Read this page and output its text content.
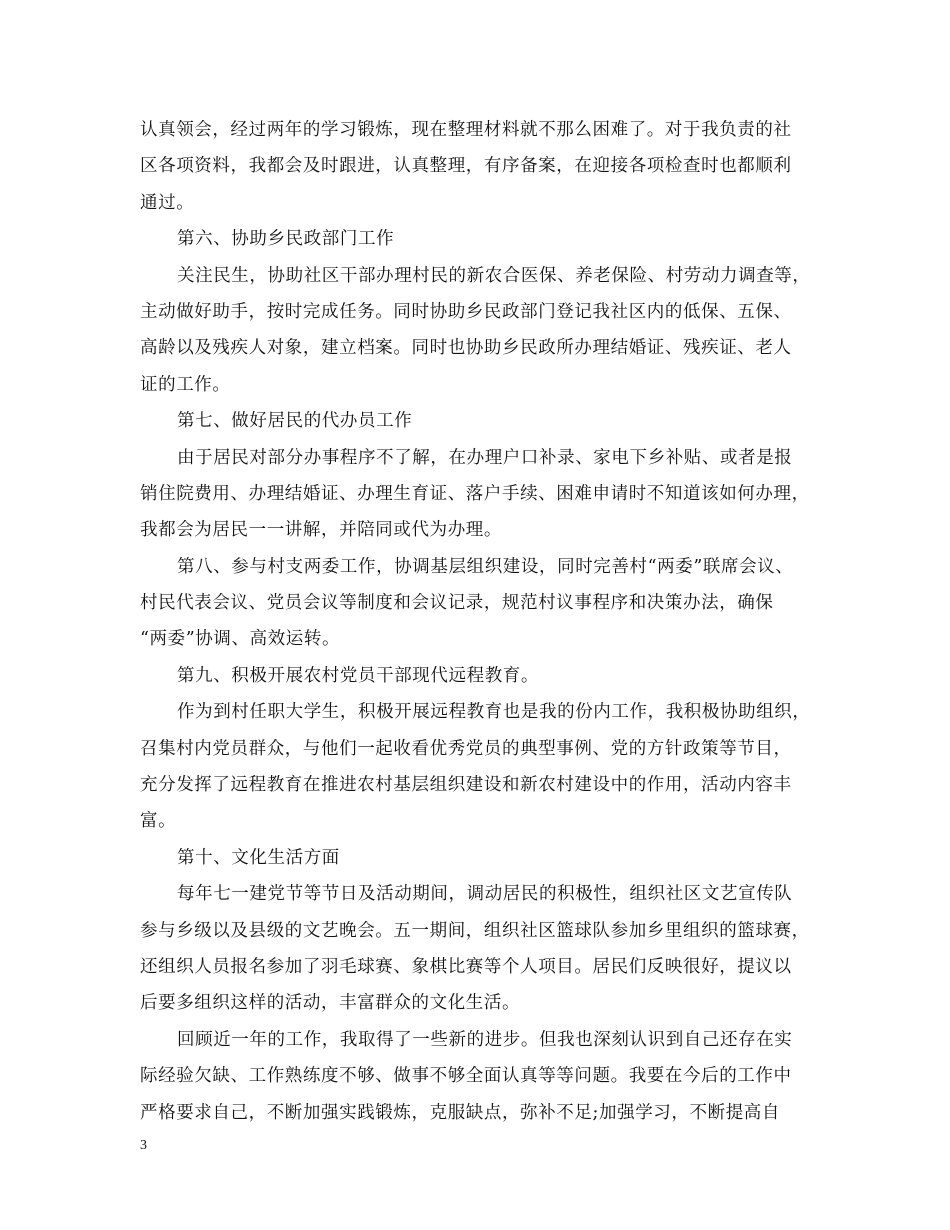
认真领会，经过两年的学习锻炼，现在整理材料就不那么困难了。对于我负责的社
区各项资料，我都会及时跟进，认真整理，有序备案，在迎接各项检查时也都顺利
通过。
第六、协助乡民政部门工作
关注民生，协助社区干部办理村民的新农合医保、养老保险、村劳动力调查等，
主动做好助手，按时完成任务。同时协助乡民政部门登记我社区内的低保、五保、
高龄以及残疾人对象，建立档案。同时也协助乡民政所办理结婚证、残疾证、老人
证的工作。
第七、做好居民的代办员工作
由于居民对部分办事程序不了解，在办理户口补录、家电下乡补贴、或者是报
销住院费用、办理结婚证、办理生育证、落户手续、困难申请时不知道该如何办理，
我都会为居民一一讲解，并陪同或代为办理。
第八、参与村支两委工作，协调基层组织建设，同时完善村“两委”联席会议、
村民代表会议、党员会议等制度和会议记录，规范村议事程序和决策办法，确保
“两委”协调、高效运转。
第九、积极开展农村党员干部现代远程教育。
作为到村任职大学生，积极开展远程教育也是我的份内工作，我积极协助组织，
召集村内党员群众，与他们一起收看优秀党员的典型事例、党的方针政策等节目，
充分发挥了远程教育在推进农村基层组织建设和新农村建设中的作用，活动内容丰
富。
第十、文化生活方面
每年七一建党节等节日及活动期间，调动居民的积极性，组织社区文艺宣传队
参与乡级以及县级的文艺晚会。五一期间，组织社区篮球队参加乡里组织的篮球赛，
还组织人员报名参加了羽毛球赛、象棋比赛等个人项目。居民们反映很好，提议以
后要多组织这样的活动，丰富群众的文化生活。
回顾近一年的工作，我取得了一些新的进步。但我也深刻认识到自己还存在实
际经验欠缺、工作熟练度不够、做事不够全面认真等等问题。我要在今后的工作中
严格要求自己，不断加强实践锻炼，克服缺点，弥补不足;加强学习，不断提高自
3
